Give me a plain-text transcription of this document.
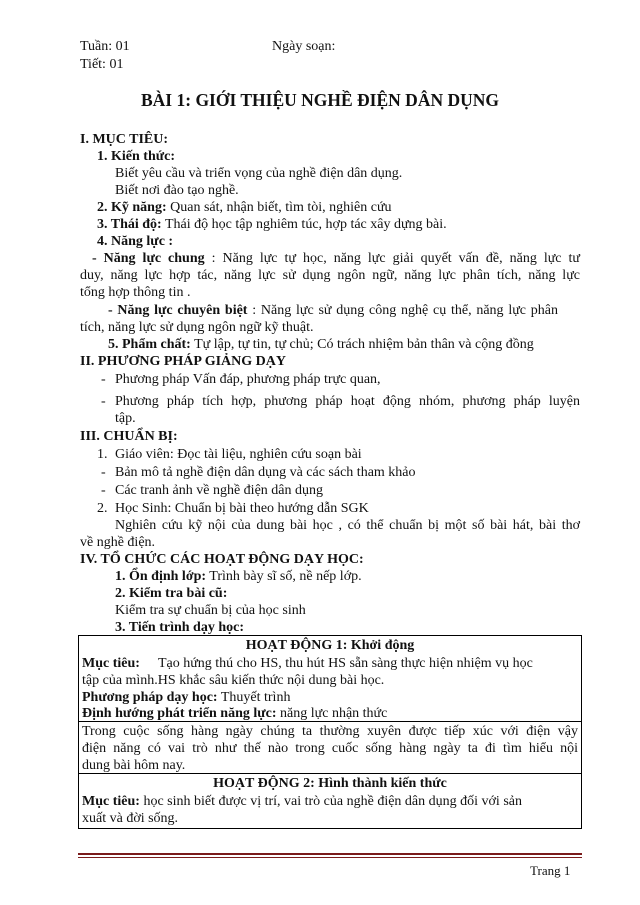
Tuần: 01	Ngày soạn:
Tiết: 01
BÀI 1: GIỚI THIỆU NGHỀ ĐIỆN DÂN DỤNG
I. MỤC TIÊU:
1. Kiến thức:
Biết yêu cầu và triển vọng của nghề điện dân dụng.
Biết nơi đào tạo nghề.
2. Kỹ năng: Quan sát, nhận biết, tìm tòi, nghiên cứu
3. Thái độ: Thái độ học tập nghiêm túc, hợp tác xây dựng bài.
4. Năng lực :
- Năng lực chung : Năng lực tự học, năng lực giải quyết vấn đề, năng lực tư
duy, năng lực hợp tác, năng lực sử dụng ngôn ngữ, năng lực phân tích, năng lực
tổng hợp thông tin .
- Năng lực chuyên biệt : Năng lực sử dụng công nghệ cụ thể, năng lực phân
tích, năng lực sử dụng ngôn ngữ kỹ thuật.
5. Phẩm chất: Tự lập, tự tin, tự chủ; Có trách nhiệm bản thân và cộng đồng
II. PHƯƠNG PHÁP GIẢNG DẠY
- Phương pháp Vấn đáp, phương pháp trực quan,
- Phương pháp tích hợp, phương pháp hoạt động nhóm, phương pháp luyện
tập.
III. CHUẨN BỊ:
1. Giáo viên: Đọc tài liệu, nghiên cứu soạn bài
- Bản mô tả nghề điện dân dụng và các sách tham khảo
- Các tranh ảnh về nghề điện dân dụng
2. Học Sinh: Chuẩn bị bài theo hướng dẫn SGK
Nghiên cứu kỹ nội của dung bài học , có thể chuẩn bị một số bài hát, bài thơ
về nghề điện.
IV. TỔ CHỨC CÁC HOẠT ĐỘNG DẠY HỌC:
1. Ổn định lớp: Trình bày sĩ số, nề nếp lớp.
2. Kiểm tra bài cũ:
Kiểm tra sự chuẩn bị của học sinh
3. Tiến trình dạy học:
HOẠT ĐỘNG 1: Khởi động
Mục tiêu: Tạo hứng thú cho HS, thu hút HS sẵn sàng thực hiện nhiệm vụ học
tập của mình.HS khắc sâu kiến thức nội dung bài học.
Phương pháp dạy học: Thuyết trình
Định hướng phát triển năng lực: năng lực nhận thức
Trong cuộc sống hàng ngày chúng ta thường xuyên được tiếp xúc với điện vậy
điện năng có vai trò như thế nào trong cuốc sống hàng ngày ta đi tìm hiểu nội
dung bài hôm nay.
HOẠT ĐỘNG 2: Hình thành kiến thức
Mục tiêu: học sinh biết được vị trí, vai trò của nghề điện dân dụng đối với sản
xuất và đời sống.
Trang 1
